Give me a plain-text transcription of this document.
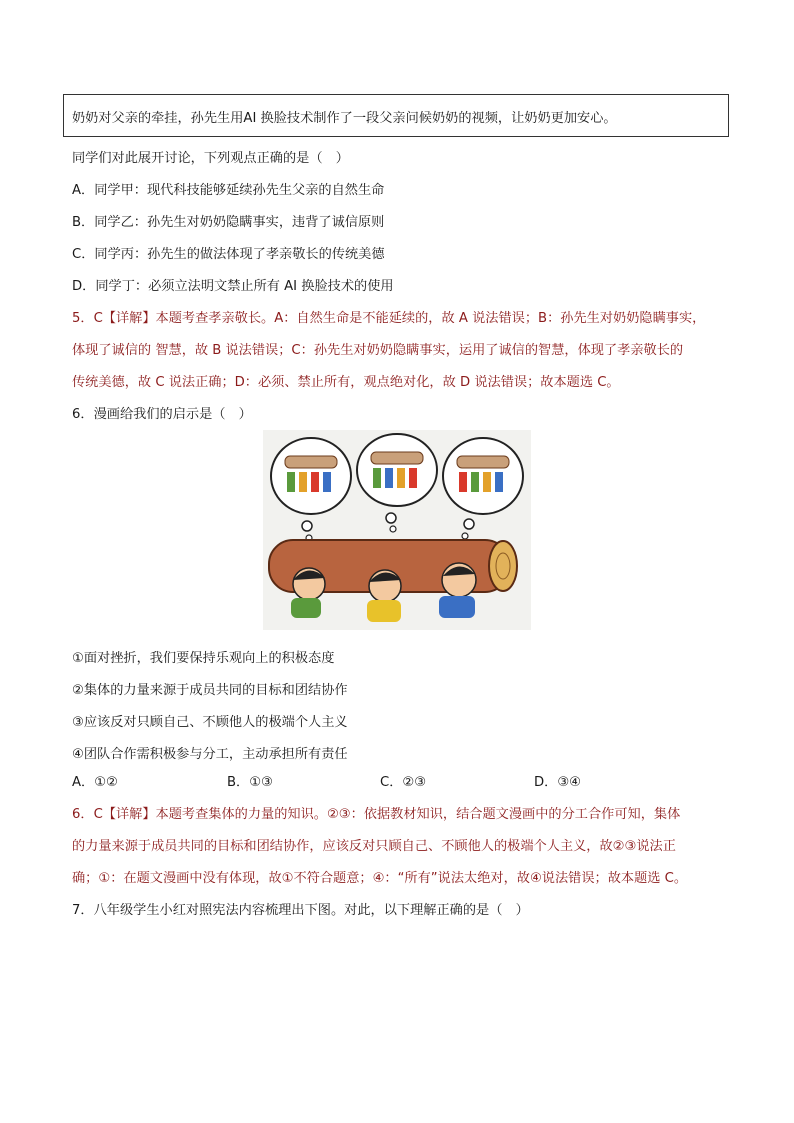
奶奶对父亲的牵挂，孙先生用AI 换脸技术制作了一段父亲问候奶奶的视频，让奶奶更加安心。
同学们对此展开讨论，下列观点正确的是（　）
A．同学甲：现代科技能够延续孙先生父亲的自然生命
B．同学乙：孙先生对奶奶隐瞒事实，违背了诚信原则
C．同学丙：孙先生的做法体现了孝亲敬长的传统美德
D．同学丁：必须立法明文禁止所有 AI 换脸技术的使用
5．C【详解】本题考查孝亲敬长。A：自然生命是不能延续的，故 A 说法错误；B：孙先生对奶奶隐瞒事实，
体现了诚信的 智慧，故 B 说法错误；C：孙先生对奶奶隐瞒事实，运用了诚信的智慧，体现了孝亲敬长的
传统美德，故 C 说法正确；D：必须、禁止所有，观点绝对化，故 D 说法错误；故本题选 C。
6．漫画给我们的启示是（　）
①面对挫折，我们要保持乐观向上的积极态度
②集体的力量来源于成员共同的目标和团结协作
③应该反对只顾自己、不顾他人的极端个人主义
④团队合作需积极参与分工，主动承担所有责任
A．①②	B．①③	C．②③	D．③④
6．C【详解】本题考查集体的力量的知识。②③：依据教材知识，结合题文漫画中的分工合作可知，集体
的力量来源于成员共同的目标和团结协作，应该反对只顾自己、不顾他人的极端个人主义，故②③说法正
确；①：在题文漫画中没有体现，故①不符合题意；④：“所有”说法太绝对，故④说法错误；故本题选 C。
7．八年级学生小红对照宪法内容梳理出下图。对此，以下理解正确的是（　）
